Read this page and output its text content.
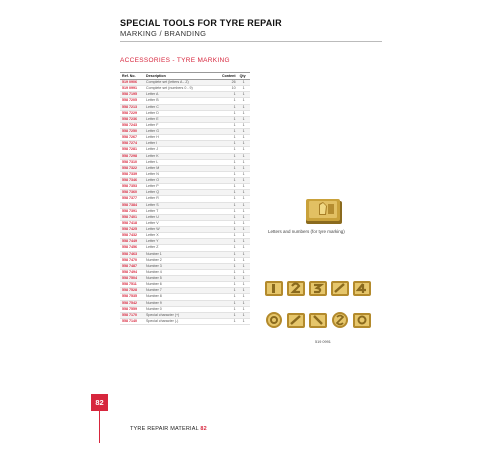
SPECIAL TOOLS FOR TYRE REPAIR
MARKING / BRANDING
ACCESSORIES - TYRE MARKING
Ref. No.	Description	Content	Qty
519 0906	Complete set (letters A - Z)	26	1
519 0991	Complete set (numbers 0 - 9)	10	1
558 7195	Letter A	1	1
558 7205	Letter B	1	1
558 7213	Letter C	1	1
558 7229	Letter D	1	1
558 7236	Letter E	1	1
558 7243	Letter F	1	1
558 7250	Letter G	1	1
558 7267	Letter H	1	1
558 7274	Letter I	1	1
558 7281	Letter J	1	1
558 7298	Letter K	1	1
558 7310	Letter L	1	1
558 7322	Letter M	1	1
558 7339	Letter N	1	1
558 7346	Letter O	1	1
558 7353	Letter P	1	1
558 7360	Letter Q	1	1
558 7377	Letter R	1	1
558 7384	Letter S	1	1
558 7391	Letter T	1	1
558 7401	Letter U	1	1
558 7418	Letter V	1	1
558 7425	Letter W	1	1
558 7432	Letter X	1	1
558 7449	Letter Y	1	1
558 7456	Letter Z	1	1
558 7463	Number 1	1	1
558 7470	Number 2	1	1
558 7487	Number 3	1	1
558 7494	Number 4	1	1
558 7504	Number 5	1	1
558 7511	Number 6	1	1
558 7528	Number 7	1	1
558 7535	Number 8	1	1
558 7542	Number 9	1	1
558 7559	Number 0	1	1
558 7170	Special character (+)	1	1
558 7140	Special character (-)	1	1
Letters and numbers (for tyre marking)
519 0991
82
TYRE REPAIR MATERIAL 82
